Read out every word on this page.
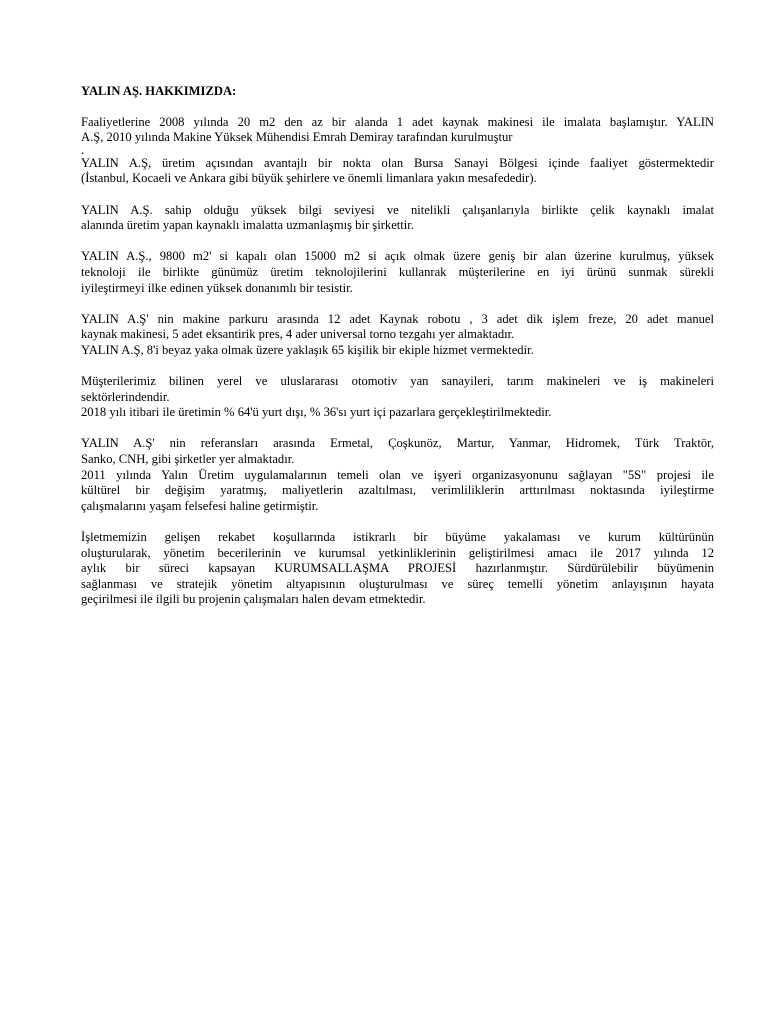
YALIN AŞ. HAKKIMIZDA:
Faaliyetlerine 2008 yılında 20 m2 den az bir alanda 1 adet kaynak makinesi ile imalata başlamıştır. YALIN
A.Ş, 2010 yılında Makine Yüksek Mühendisi Emrah Demiray tarafından kurulmuştur
.
YALIN A.Ş, üretim açısından avantajlı bir nokta olan Bursa Sanayi Bölgesi içinde faaliyet göstermektedir
(İstanbul, Kocaeli ve Ankara gibi büyük şehirlere ve önemli limanlara yakın mesafededir).
YALIN A.Ş. sahip olduğu yüksek bilgi seviyesi ve nitelikli çalışanlarıyla birlikte çelik kaynaklı imalat
alanında üretim yapan kaynaklı imalatta uzmanlaşmış bir şirkettir.
YALIN A.Ş., 9800 m2' si kapalı olan 15000 m2 si açık olmak üzere geniş bir alan üzerine kurulmuş, yüksek
teknoloji ile birlikte günümüz üretim teknolojilerini kullanrak müşterilerine en iyi ürünü sunmak sürekli
iyileştirmeyi ilke edinen yüksek donanımlı bir tesistir.
YALIN A.Ş' nin makine parkuru arasında 12 adet Kaynak robotu , 3 adet dik işlem freze, 20 adet manuel
kaynak makinesi, 5 adet eksantirik pres, 4 ader universal torno tezgahı yer almaktadır.
YALIN A.Ş, 8'i beyaz yaka olmak üzere yaklaşık 65 kişilik bir ekiple hizmet vermektedir.
Müşterilerimiz bilinen yerel ve uluslararası otomotiv yan sanayileri, tarım makineleri ve iş makineleri
sektörlerindendir.
2018 yılı itibari ile üretimin % 64'ü yurt dışı, % 36'sı yurt içi pazarlara gerçekleştirilmektedir.
YALIN A.Ş' nin referansları arasında Ermetal, Çoşkunöz, Martur, Yanmar, Hidromek, Türk Traktör,
Sanko, CNH, gibi şirketler yer almaktadır.
2011 yılında Yalın Üretim uygulamalarının temeli olan ve işyeri organizasyonunu sağlayan "5S" projesi ile
kültürel bir değişim yaratmış, maliyetlerin azaltılması, verimliliklerin arttırılması noktasında iyileştirme
çalışmalarını yaşam felsefesi haline getirmiştir.
İşletmemizin gelişen rekabet koşullarında istikrarlı bir büyüme yakalaması ve kurum kültürünün
oluşturularak, yönetim becerilerinin ve kurumsal yetkinliklerinin geliştirilmesi amacı ile 2017 yılında 12
aylık bir süreci kapsayan KURUMSALLAŞMA PROJESİ hazırlanmıştır. Sürdürülebilir büyümenin
sağlanması ve stratejik yönetim altyapısının oluşturulması ve süreç temelli yönetim anlayışının hayata
geçirilmesi ile ilgili bu projenin çalışmaları halen devam etmektedir.
